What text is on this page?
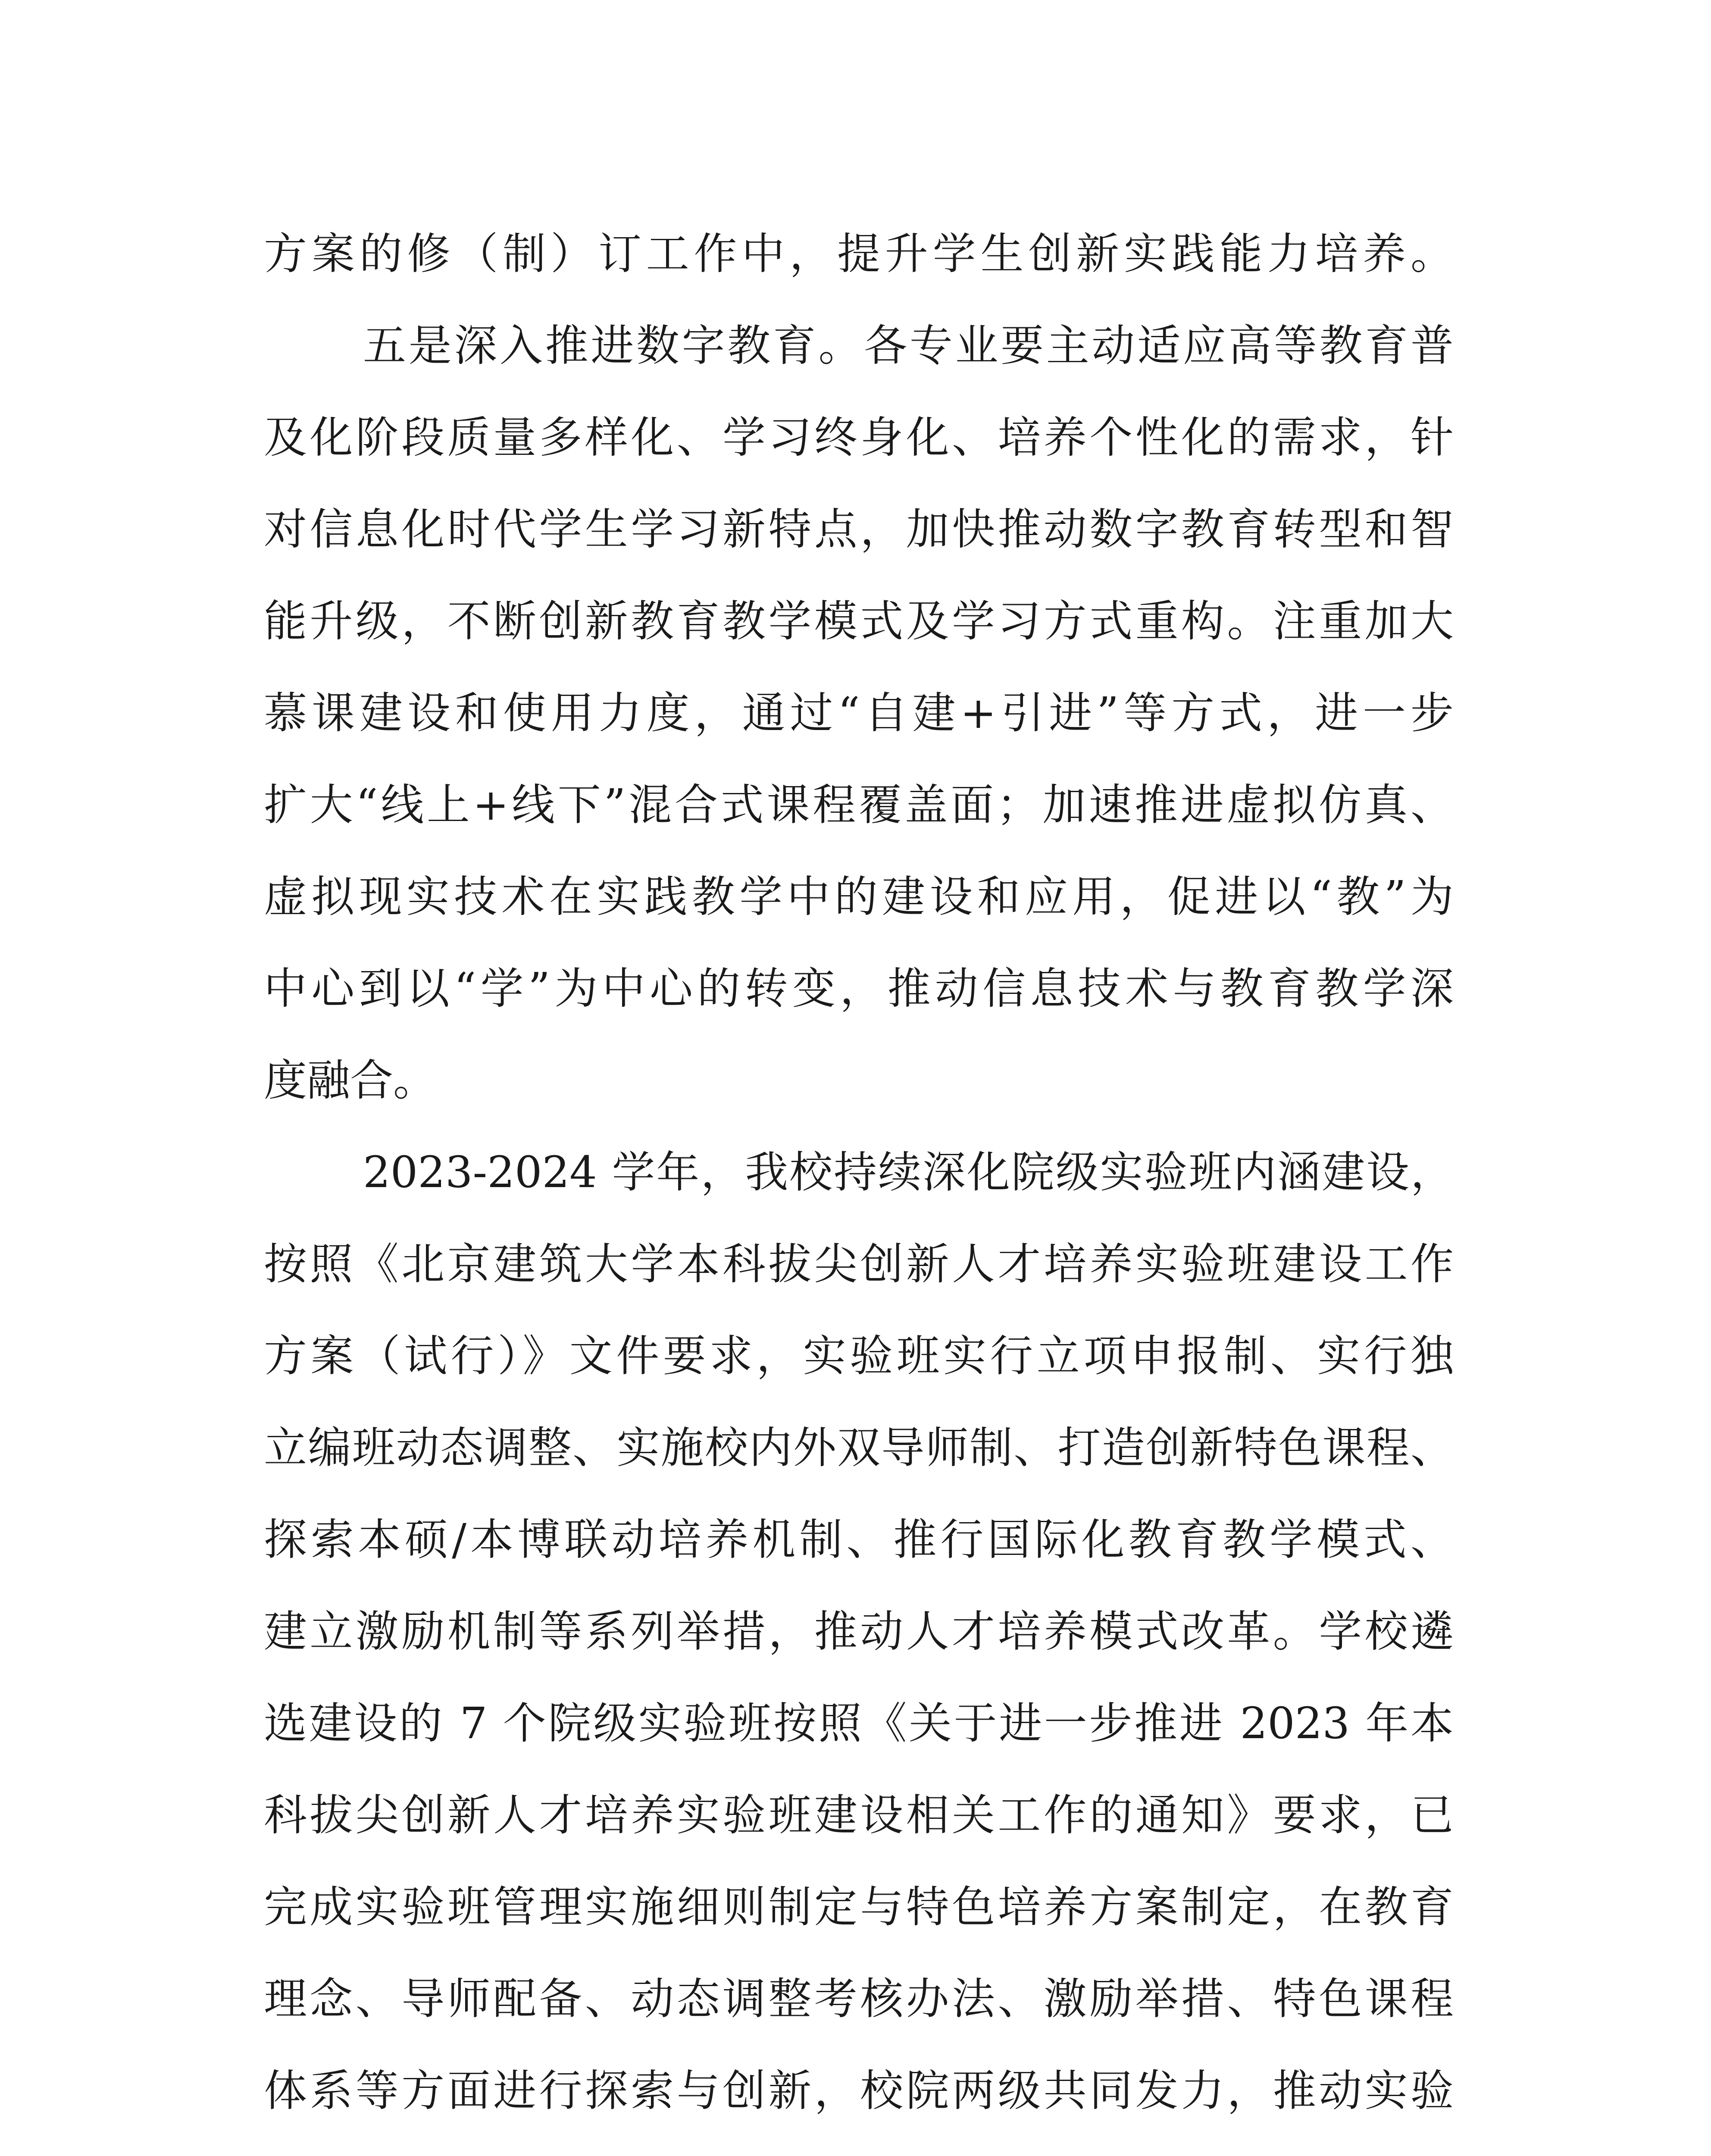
方案的修（制）订工作中，提升学生创新实践能力培养。
五是深入推进数字教育。各专业要主动适应高等教育普
及化阶段质量多样化、学习终身化、培养个性化的需求，针
对信息化时代学生学习新特点，加快推动数字教育转型和智
能升级，不断创新教育教学模式及学习方式重构。注重加大
慕课建设和使用力度，通过“自建+引进”等方式，进一步
扩大“线上+线下”混合式课程覆盖面；加速推进虚拟仿真、
虚拟现实技术在实践教学中的建设和应用，促进以“教”为
中心到以“学”为中心的转变，推动信息技术与教育教学深
度融合。
2023-2024 学年，我校持续深化院级实验班内涵建设，
按照《北京建筑大学本科拔尖创新人才培养实验班建设工作
方案（试行）》文件要求，实验班实行立项申报制、实行独
立编班动态调整、实施校内外双导师制、打造创新特色课程、
探索本硕/本博联动培养机制、推行国际化教育教学模式、
建立激励机制等系列举措，推动人才培养模式改革。学校遴
选建设的 7 个院级实验班按照《关于进一步推进 2023 年本
科拔尖创新人才培养实验班建设相关工作的通知》要求，已
完成实验班管理实施细则制定与特色培养方案制定，在教育
理念、导师配备、动态调整考核办法、激励举措、特色课程
体系等方面进行探索与创新，校院两级共同发力，推动实验
